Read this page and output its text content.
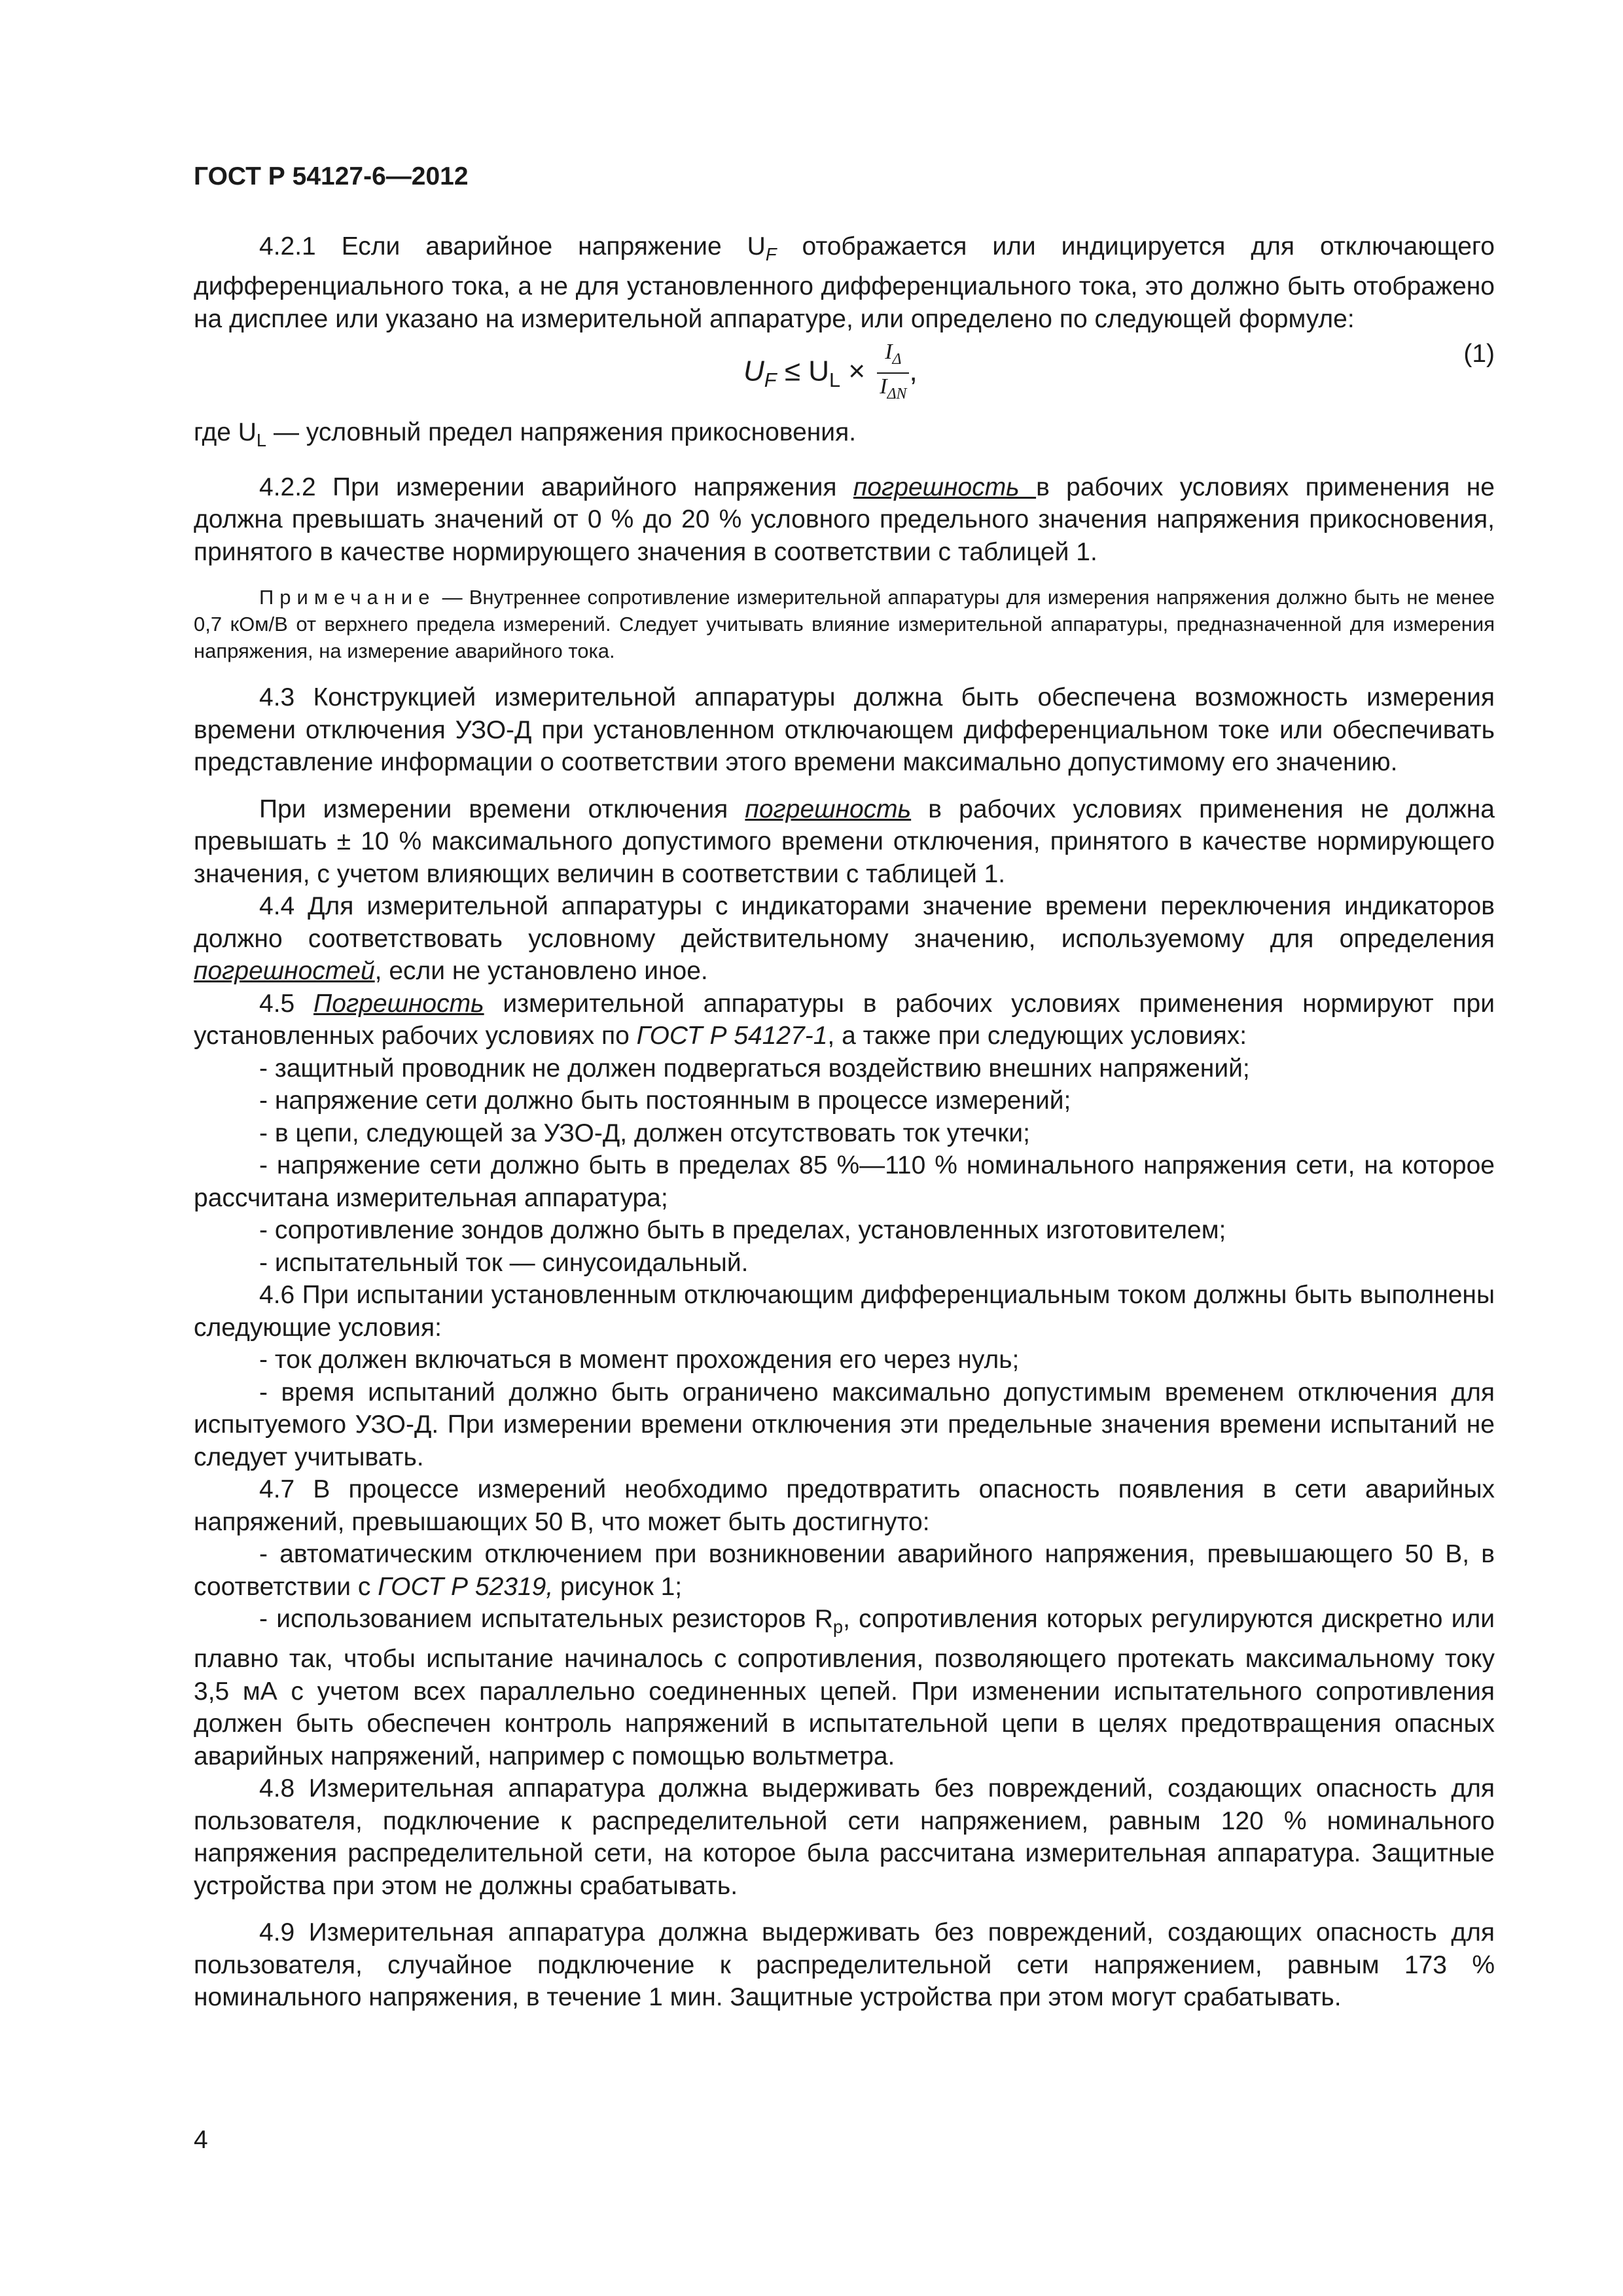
ГОСТ Р 54127-6—2012

4.2.1 Если аварийное напряжение $U_F$ отображается или индицируется для отключающего дифференциального тока, а не для установленного дифференциального тока, это должно быть отображено на дисплее или указано на измерительной аппаратуре, или определено по следующей формуле:

$U_F \le U_L \times \frac{I_\Delta}{I_{\Delta N}}$ ,
(1)

где $U_L$ — условный предел напряжения прикосновения.

4.2.2 При измерении аварийного напряжения погрешность в рабочих условиях применения не должна превышать значений от 0 % до 20 % условного предельного значения напряжения прикосновения, принятого в качестве нормирующего значения в соответствии с таблицей 1.

Примечание — Внутреннее сопротивление измерительной аппаратуры для измерения напряжения должно быть не менее 0,7 кОм/В от верхнего предела измерений. Следует учитывать влияние измерительной аппаратуры, предназначенной для измерения напряжения, на измерение аварийного тока.

4.3 Конструкцией измерительной аппаратуры должна быть обеспечена возможность измерения времени отключения УЗО-Д при установленном отключающем дифференциальном токе или обеспечивать представление информации о соответствии этого времени максимально допустимому его значению.

При измерении времени отключения погрешность в рабочих условиях применения не должна превышать ± 10 % максимального допустимого времени отключения, принятого в качестве нормирующего значения, с учетом влияющих величин в соответствии с таблицей 1.

4.4 Для измерительной аппаратуры с индикаторами значение времени переключения индикаторов должно соответствовать условному действительному значению, используемому для определения погрешностей, если не установлено иное.

4.5 Погрешность измерительной аппаратуры в рабочих условиях применения нормируют при установленных рабочих условиях по ГОСТ Р 54127-1, а также при следующих условиях:

- защитный проводник не должен подвергаться воздействию внешних напряжений;

- напряжение сети должно быть постоянным в процессе измерений;

- в цепи, следующей за УЗО-Д, должен отсутствовать ток утечки;

- напряжение сети должно быть в пределах 85 %—110 % номинального напряжения сети, на которое рассчитана измерительная аппаратура;

- сопротивление зондов должно быть в пределах, установленных изготовителем;

- испытательный ток — синусоидальный.

4.6 При испытании установленным отключающим дифференциальным током должны быть выполнены следующие условия:

- ток должен включаться в момент прохождения его через нуль;

- время испытаний должно быть ограничено максимально допустимым временем отключения для испытуемого УЗО-Д. При измерении времени отключения эти предельные значения времени испытаний не следует учитывать.

4.7 В процессе измерений необходимо предотвратить опасность появления в сети аварийных напряжений, превышающих 50 В, что может быть достигнуто:

- автоматическим отключением при возникновении аварийного напряжения, превышающего 50 В, в соответствии с ГОСТ Р 52319, рисунок 1;

- использованием испытательных резисторов $R_p$, сопротивления которых регулируются дискретно или плавно так, чтобы испытание начиналось с сопротивления, позволяющего протекать максимальному току 3,5 мА с учетом всех параллельно соединенных цепей. При изменении испытательного сопротивления должен быть обеспечен контроль напряжений в испытательной цепи в целях предотвращения опасных аварийных напряжений, например с помощью вольтметра.

4.8 Измерительная аппаратура должна выдерживать без повреждений, создающих опасность для пользователя, подключение к распределительной сети напряжением, равным 120 % номинального напряжения распределительной сети, на которое была рассчитана измерительная аппаратура. Защитные устройства при этом не должны срабатывать.

4.9 Измерительная аппаратура должна выдерживать без повреждений, создающих опасность для пользователя, случайное подключение к распределительной сети напряжением, равным 173 % номинального напряжения, в течение 1 мин. Защитные устройства при этом могут срабатывать.

4
